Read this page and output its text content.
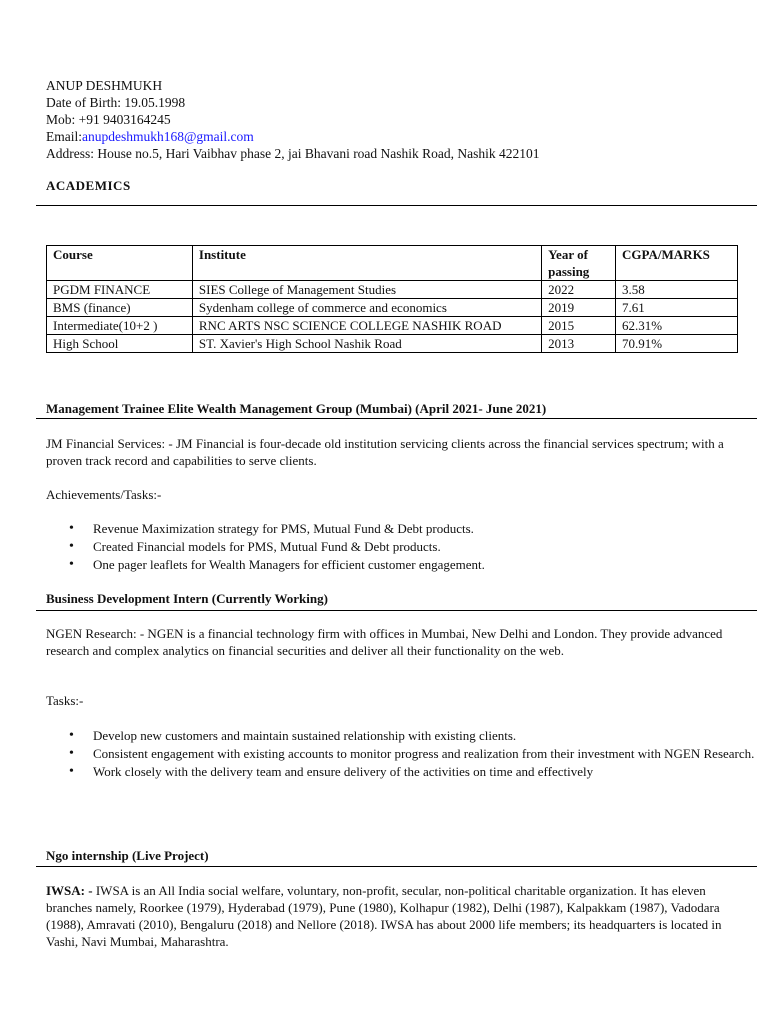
ANUP DESHMUKH
Date of Birth: 19.05.1998
Mob: +91 9403164245
Email:anupdeshmukh168@gmail.com
Address: House no.5, Hari Vaibhav phase 2, jai Bhavani road Nashik Road, Nashik 422101
ACADEMICS
Course	Institute	Year of passing	CGPA/MARKS
PGDM FINANCE	SIES College of Management Studies	2022	3.58
BMS (finance)	Sydenham college of commerce and economics	2019	7.61
Intermediate(10+2 )	RNC ARTS NSC SCIENCE COLLEGE NASHIK ROAD	2015	62.31%
High School	ST. Xavier's High School Nashik Road	2013	70.91%
Management Trainee Elite Wealth Management Group (Mumbai) (April 2021- June 2021)
JM Financial Services: - JM Financial is four-decade old institution servicing clients across the financial services spectrum; with a proven track record and capabilities to serve clients.
Achievements/Tasks:-
• Revenue Maximization strategy for PMS, Mutual Fund & Debt products.
• Created Financial models for PMS, Mutual Fund & Debt products.
• One pager leaflets for Wealth Managers for efficient customer engagement.
Business Development Intern (Currently Working)
NGEN Research: - NGEN is a financial technology firm with offices in Mumbai, New Delhi and London. They provide advanced research and complex analytics on financial securities and deliver all their functionality on the web.
Tasks:-
• Develop new customers and maintain sustained relationship with existing clients.
• Consistent engagement with existing accounts to monitor progress and realization from their investment with NGEN Research.
• Work closely with the delivery team and ensure delivery of the activities on time and effectively
Ngo internship (Live Project)
IWSA: - IWSA is an All India social welfare, voluntary, non-profit, secular, non-political charitable organization. It has eleven branches namely, Roorkee (1979), Hyderabad (1979), Pune (1980), Kolhapur (1982), Delhi (1987), Kalpakkam (1987), Vadodara (1988), Amravati (2010), Bengaluru (2018) and Nellore (2018). IWSA has about 2000 life members; its headquarters is located in Vashi, Navi Mumbai, Maharashtra.
